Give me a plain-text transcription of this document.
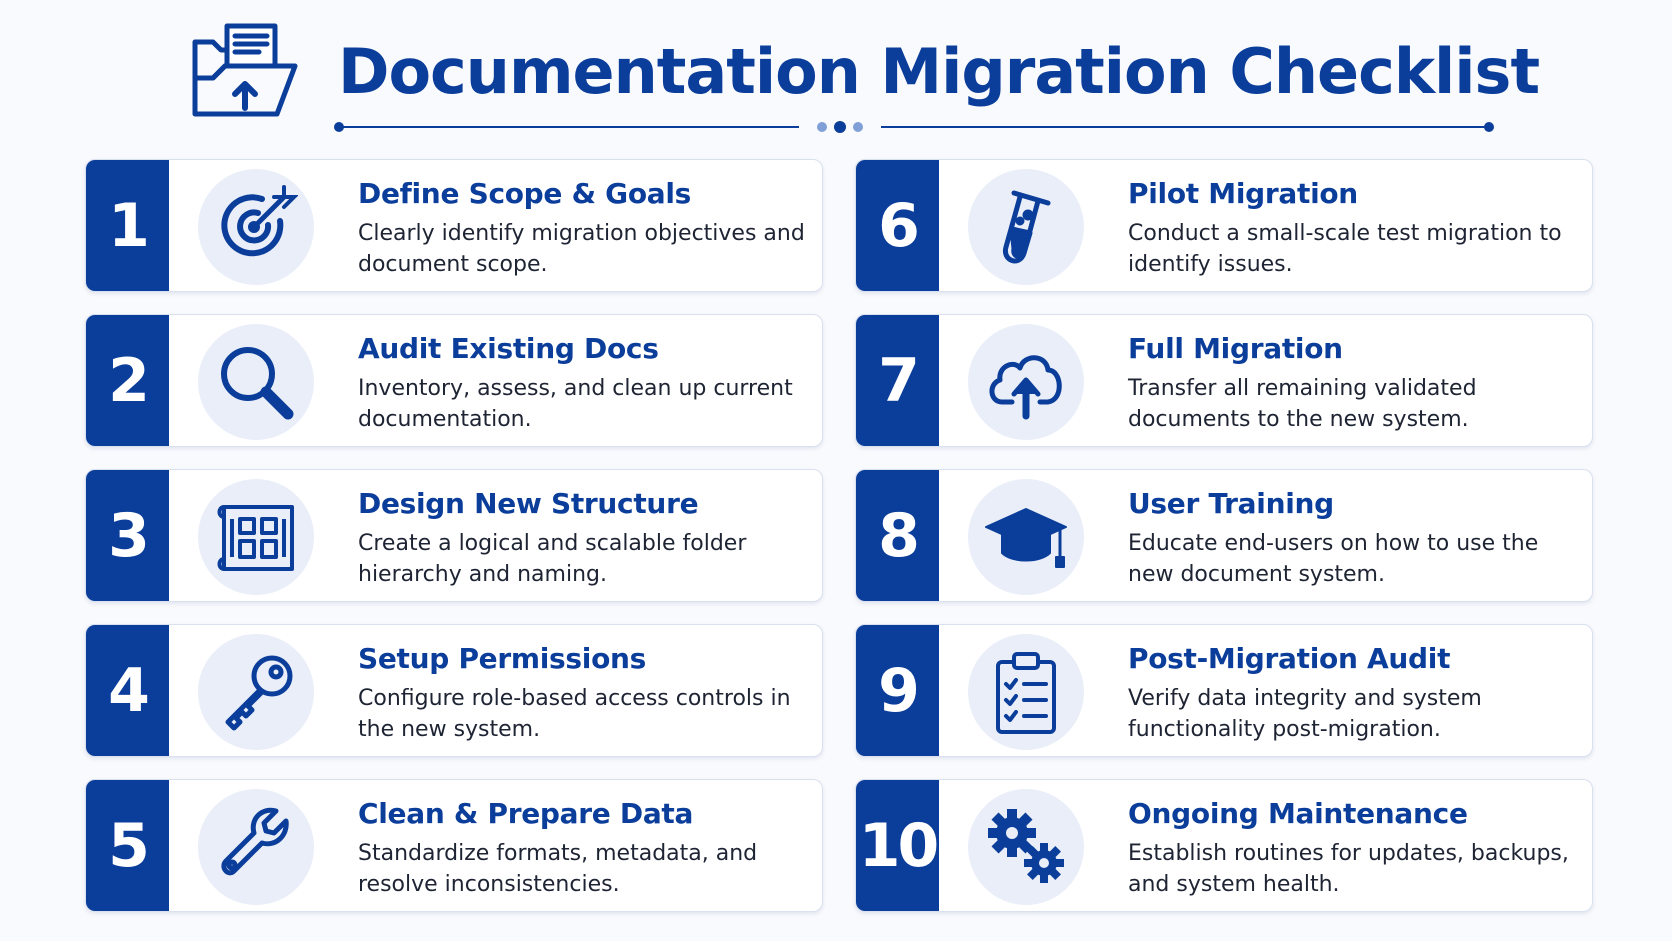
Documentation Migration Checklist
1	Define Scope & Goals
Clearly identify migration objectives and document scope.
2	Audit Existing Docs
Inventory, assess, and clean up current documentation.
3	Design New Structure
Create a logical and scalable folder hierarchy and naming.
4	Setup Permissions
Configure role-based access controls in the new system.
5	Clean & Prepare Data
Standardize formats, metadata, and resolve inconsistencies.
6	Pilot Migration
Conduct a small-scale test migration to identify issues.
7	Full Migration
Transfer all remaining validated documents to the new system.
8	User Training
Educate end-users on how to use the new document system.
9	Post-Migration Audit
Verify data integrity and system functionality post-migration.
10	Ongoing Maintenance
Establish routines for updates, backups, and system health.
